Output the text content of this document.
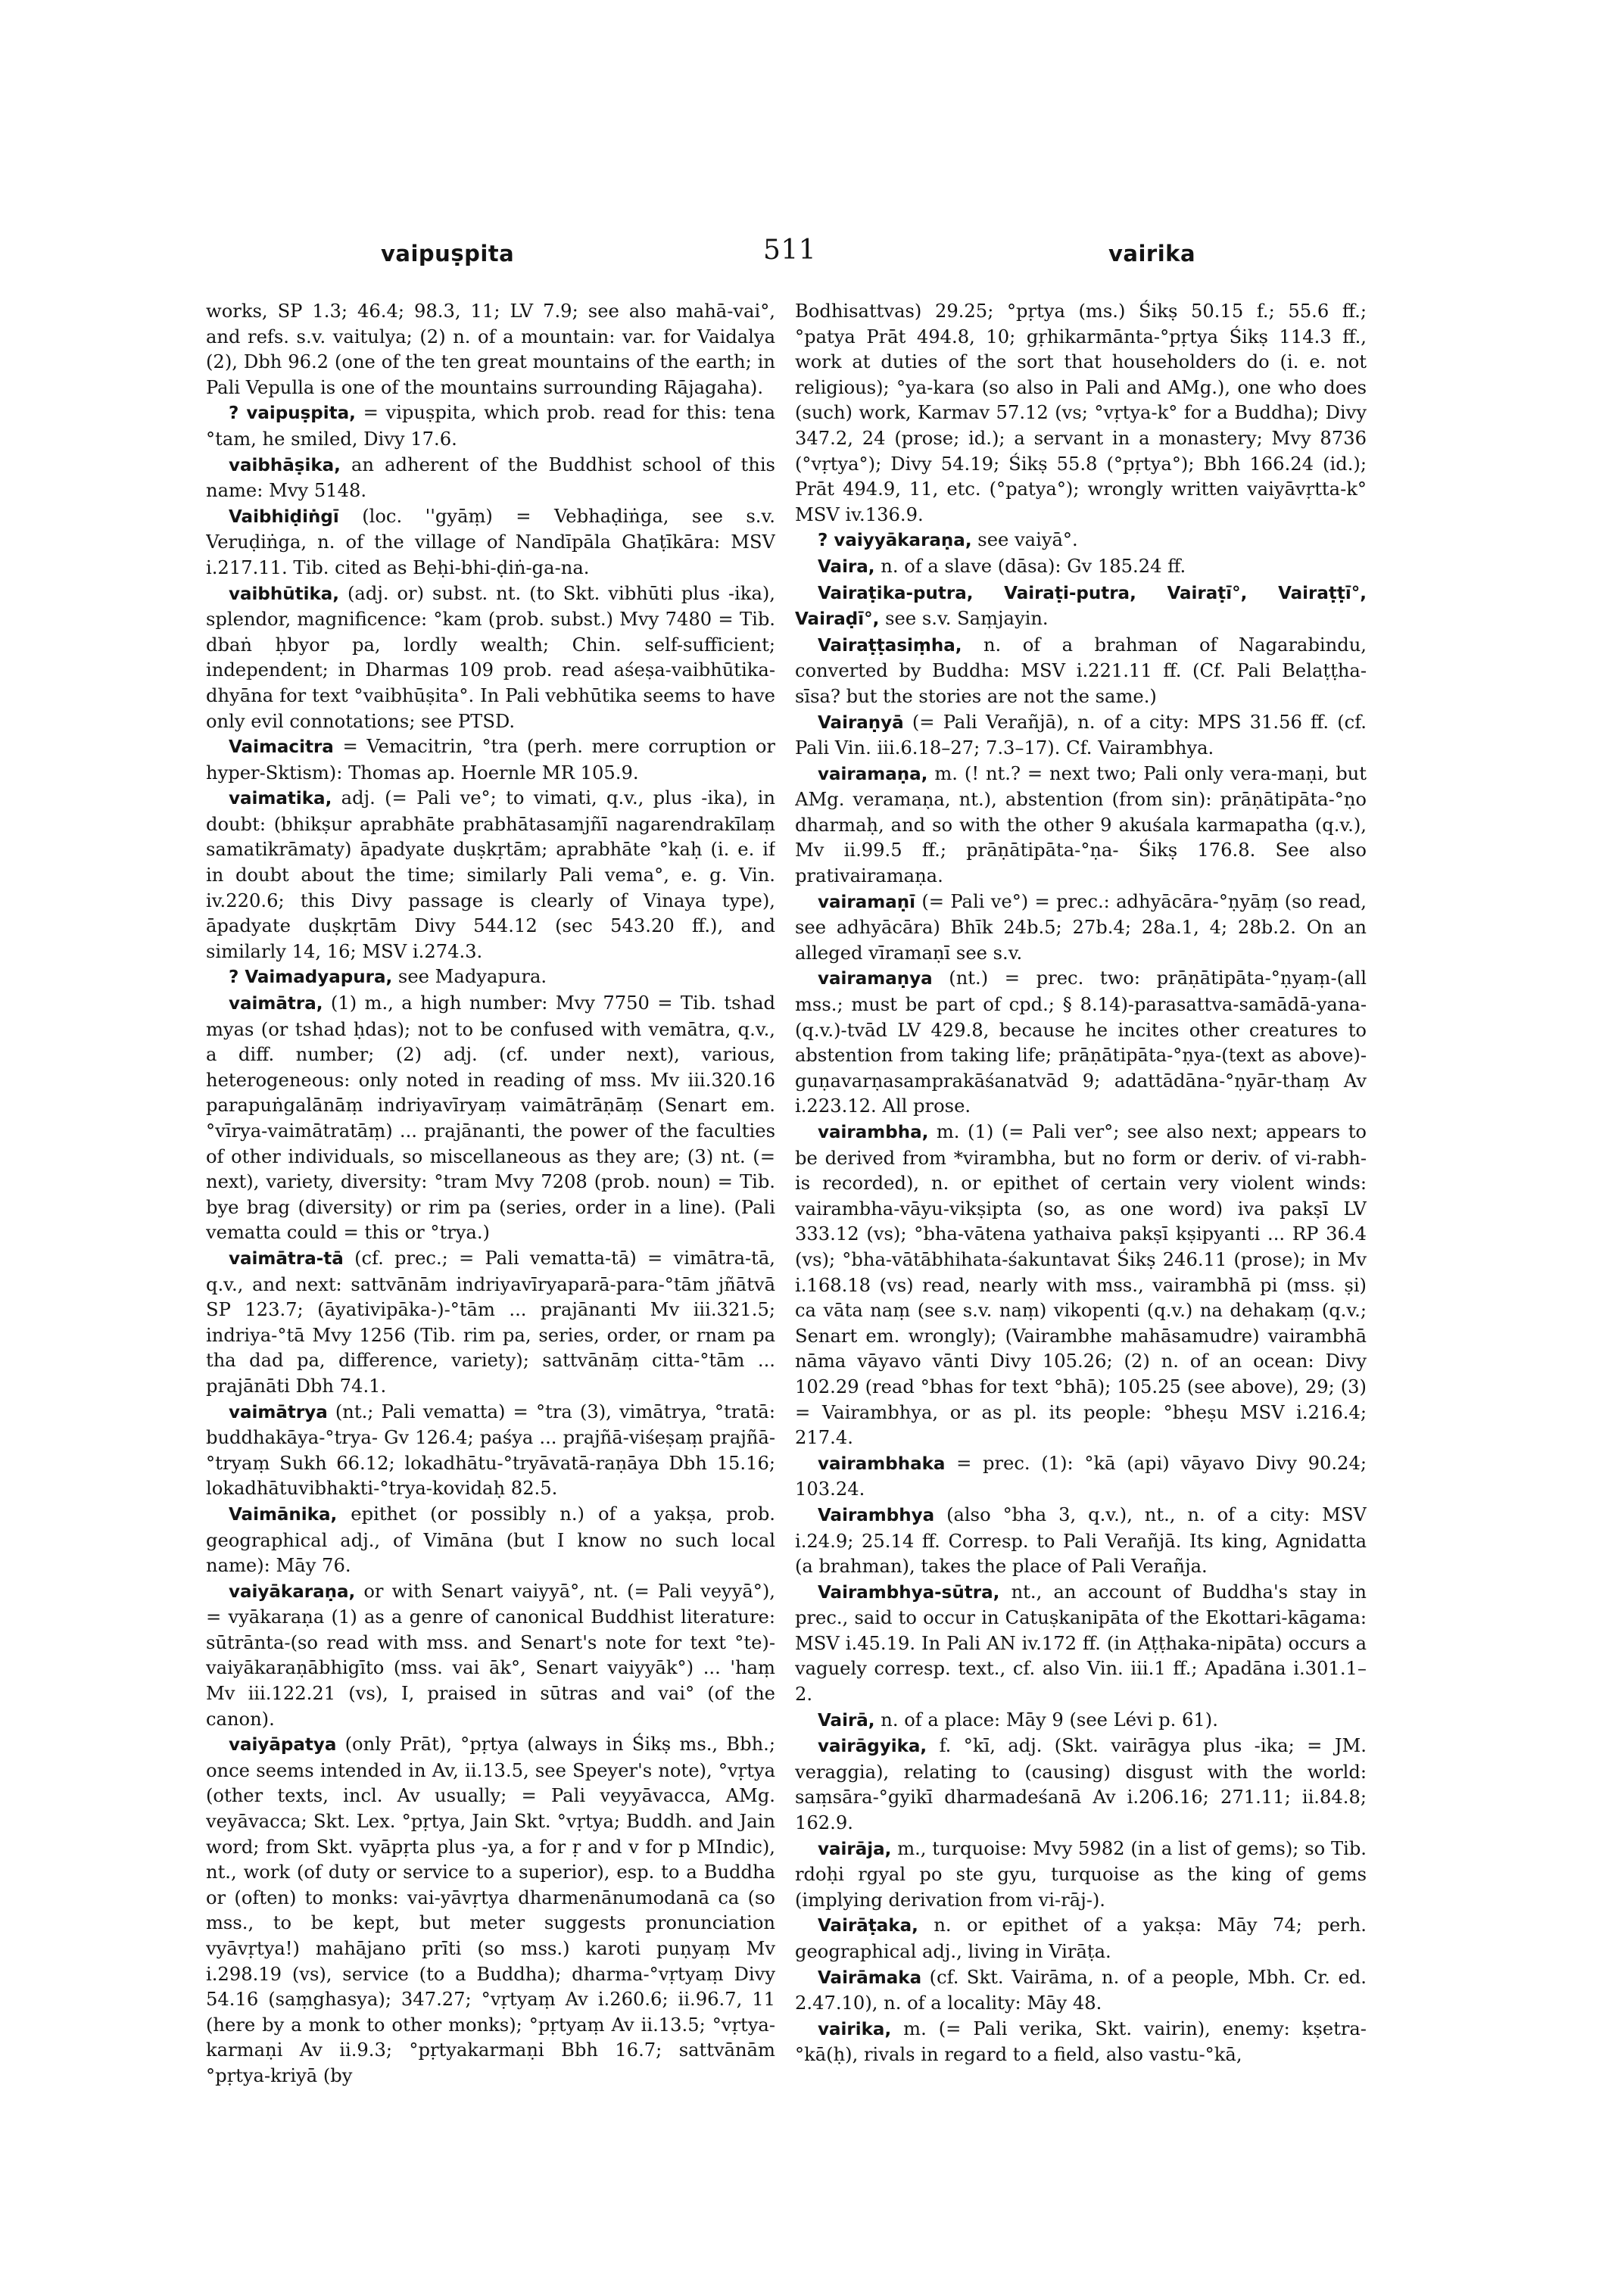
vaipuṣpita	511	vairika

works, SP 1.3; 46.4; 98.3, 11; LV 7.9; see also mahā-vai°, and refs. s.v. vaitulya; (2) n. of a mountain: var. for Vaidalya (2), Dbh 96.2 (one of the ten great mountains of the earth; in Pali Vepulla is one of the mountains surrounding Rājagaha).

? vaipuṣpita, = vipuṣpita, which prob. read for this: tena °tam, he smiled, Divy 17.6.

vaibhāṣika, an adherent of the Buddhist school of this name: Mvy 5148.

Vaibhiḍiṅgī (loc. ''gyāṃ) = Vebhaḍiṅga, see s.v. Veruḍiṅga, n. of the village of Nandīpāla Ghaṭīkāra: MSV i.217.11. Tib. cited as Beḥi-bhi-ḍiṅ-ga-na.

vaibhūtika, (adj. or) subst. nt. (to Skt. vibhūti plus -ika), splendor, magnificence: °kam (prob. subst.) Mvy 7480 = Tib. dbaṅ ḥbyor pa, lordly wealth; Chin. self-sufficient; independent; in Dharmas 109 prob. read aśeṣa-vaibhūtika-dhyāna for text °vaibhūṣita°. In Pali vebhūtika seems to have only evil connotations; see PTSD.

Vaimacitra = Vemacitrin, °tra (perh. mere corruption or hyper-Sktism): Thomas ap. Hoernle MR 105.9.

vaimatika, adj. (= Pali ve°; to vimati, q.v., plus -ika), in doubt: (bhikṣur aprabhāte prabhātasamjñī nagarendrakīlaṃ samatikrāmaty) āpadyate duṣkṛtām; aprabhāte °kaḥ (i. e. if in doubt about the time; similarly Pali vema°, e. g. Vin. iv.220.6; this Divy passage is clearly of Vinaya type), āpadyate duṣkṛtām Divy 544.12 (sec 543.20 ff.), and similarly 14, 16; MSV i.274.3.

? Vaimadyapura, see Madyapura.

vaimātra, (1) m., a high number: Mvy 7750 = Tib. tshad myas (or tshad ḥdas); not to be confused with vemātra, q.v., a diff. number; (2) adj. (cf. under next), various, heterogeneous: only noted in reading of mss. Mv iii.320.16 parapuṅgalānāṃ indriyavīryaṃ vaimātrāṇāṃ (Senart em. °vīrya-vaimātratāṃ) ... prajānanti, the power of the faculties of other individuals, so miscellaneous as they are; (3) nt. (= next), variety, diversity: °tram Mvy 7208 (prob. noun) = Tib. bye brag (diversity) or rim pa (series, order in a line). (Pali vematta could = this or °trya.)

vaimātra-tā (cf. prec.; = Pali vematta-tā) = vimātra-tā, q.v., and next: sattvānām indriyavīryaparā-para-°tām jñātvā SP 123.7; (āyativipāka-)-°tām ... prajānanti Mv iii.321.5; indriya-°tā Mvy 1256 (Tib. rim pa, series, order, or rnam pa tha dad pa, difference, variety); sattvānāṃ citta-°tām ... prajānāti Dbh 74.1.

vaimātrya (nt.; Pali vematta) = °tra (3), vimātrya, °tratā: buddhakāya-°trya- Gv 126.4; paśya ... prajñā-viśeṣaṃ prajñā-°tryaṃ Sukh 66.12; lokadhātu-°tryāvatā-raṇāya Dbh 15.16; lokadhātuvibhakti-°trya-kovidaḥ 82.5.

Vaimānika, epithet (or possibly n.) of a yakṣa, prob. geographical adj., of Vimāna (but I know no such local name): Māy 76.

vaiyākaraṇa, or with Senart vaiyyā°, nt. (= Pali veyyā°), = vyākaraṇa (1) as a genre of canonical Buddhist literature: sūtrānta-(so read with mss. and Senart's note for text °te)-vaiyākaraṇābhigīto (mss. vai āk°, Senart vaiyyāk°) ... 'haṃ Mv iii.122.21 (vs), I, praised in sūtras and vai° (of the canon).

vaiyāpatya (only Prāt), °pṛtya (always in Śikṣ ms., Bbh.; once seems intended in Av, ii.13.5, see Speyer's note), °vṛtya (other texts, incl. Av usually; = Pali veyyāvacca, AMg. veyāvacca; Skt. Lex. °pṛtya, Jain Skt. °vṛtya; Buddh. and Jain word; from Skt. vyāpṛta plus -ya, a for ṛ and v for p MIndic), nt., work (of duty or service to a superior), esp. to a Buddha or (often) to monks: vai-yāvṛtya dharmenānumodanā ca (so mss., to be kept, but meter suggests pronunciation vyāvṛtya!) mahājano prīti (so mss.) karoti puṇyaṃ Mv i.298.19 (vs), service (to a Buddha); dharma-°vṛtyaṃ Divy 54.16 (saṃghasya); 347.27; °vṛtyaṃ Av i.260.6; ii.96.7, 11 (here by a monk to other monks); °pṛtyaṃ Av ii.13.5; °vṛtya-karmaṇi Av ii.9.3; °pṛtyakarmaṇi Bbh 16.7; sattvānām °pṛtya-kriyā (by

Bodhisattvas) 29.25; °pṛtya (ms.) Śikṣ 50.15 f.; 55.6 ff.; °patya Prāt 494.8, 10; gṛhikarmānta-°pṛtya Śikṣ 114.3 ff., work at duties of the sort that householders do (i. e. not religious); °ya-kara (so also in Pali and AMg.), one who does (such) work, Karmav 57.12 (vs; °vṛtya-k° for a Buddha); Divy 347.2, 24 (prose; id.); a servant in a monastery; Mvy 8736 (°vṛtya°); Divy 54.19; Śikṣ 55.8 (°pṛtya°); Bbh 166.24 (id.); Prāt 494.9, 11, etc. (°patya°); wrongly written vaiyāvṛtta-k° MSV iv.136.9.

? vaiyyākaraṇa, see vaiyā°.

Vaira, n. of a slave (dāsa): Gv 185.24 ff.

Vairaṭika-putra, Vairaṭi-putra, Vairaṭī°, Vairaṭṭī°, Vairaḍī°, see s.v. Saṃjayin.

Vairaṭṭasiṃha, n. of a brahman of Nagarabindu, converted by Buddha: MSV i.221.11 ff. (Cf. Pali Belaṭṭha-sīsa? but the stories are not the same.)

Vairaṇyā (= Pali Verañjā), n. of a city: MPS 31.56 ff. (cf. Pali Vin. iii.6.18–27; 7.3–17). Cf. Vairambhya.

vairamaṇa, m. (! nt.? = next two; Pali only vera-maṇi, but AMg. veramaṇa, nt.), abstention (from sin): prāṇātipāta-°ṇo dharmaḥ, and so with the other 9 akuśala karmapatha (q.v.), Mv ii.99.5 ff.; prāṇātipāta-°ṇa- Śikṣ 176.8. See also prativairamaṇa.

vairamaṇī (= Pali ve°) = prec.: adhyācāra-°ṇyāṃ (so read, see adhyācāra) Bhīk 24b.5; 27b.4; 28a.1, 4; 28b.2. On an alleged vīramaṇī see s.v.

vairamaṇya (nt.) = prec. two: prāṇātipāta-°ṇyaṃ-(all mss.; must be part of cpd.; § 8.14)-parasattva-samādā-yana-(q.v.)-tvād LV 429.8, because he incites other creatures to abstention from taking life; prāṇātipāta-°ṇya-(text as above)-guṇavarṇasamprakāśanatvād 9; adattādāna-°ṇyār-thaṃ Av i.223.12. All prose.

vairambha, m. (1) (= Pali ver°; see also next; appears to be derived from *virambha, but no form or deriv. of vi-rabh- is recorded), n. or epithet of certain very violent winds: vairambha-vāyu-vikṣipta (so, as one word) iva pakṣī LV 333.12 (vs); °bha-vātena yathaiva pakṣī kṣipyanti ... RP 36.4 (vs); °bha-vātābhihata-śakuntavat Śikṣ 246.11 (prose); in Mv i.168.18 (vs) read, nearly with mss., vairambhā pi (mss. ṣi) ca vāta naṃ (see s.v. naṃ) vikopenti (q.v.) na dehakaṃ (q.v.; Senart em. wrongly); (Vairambhe mahāsamudre) vairambhā nāma vāyavo vānti Divy 105.26; (2) n. of an ocean: Divy 102.29 (read °bhas for text °bhā); 105.25 (see above), 29; (3) = Vairambhya, or as pl. its people: °bheṣu MSV i.216.4; 217.4.

vairambhaka = prec. (1): °kā (api) vāyavo Divy 90.24; 103.24.

Vairambhya (also °bha 3, q.v.), nt., n. of a city: MSV i.24.9; 25.14 ff. Corresp. to Pali Verañjā. Its king, Agnidatta (a brahman), takes the place of Pali Verañja.

Vairambhya-sūtra, nt., an account of Buddha's stay in prec., said to occur in Catuṣkanipāta of the Ekottari-kāgama: MSV i.45.19. In Pali AN iv.172 ff. (in Aṭṭhaka-nipāta) occurs a vaguely corresp. text., cf. also Vin. iii.1 ff.; Apadāna i.301.1–2.

Vairā, n. of a place: Māy 9 (see Lévi p. 61).

vairāgyika, f. °kī, adj. (Skt. vairāgya plus -ika; = JM. veraggia), relating to (causing) disgust with the world: saṃsāra-°gyikī dharmadeśanā Av i.206.16; 271.11; ii.84.8; 162.9.

vairāja, m., turquoise: Mvy 5982 (in a list of gems); so Tib. rdoḥi rgyal po ste gyu, turquoise as the king of gems (implying derivation from vi-rāj-).

Vairāṭaka, n. or epithet of a yakṣa: Māy 74; perh. geographical adj., living in Virāṭa.

Vairāmaka (cf. Skt. Vairāma, n. of a people, Mbh. Cr. ed. 2.47.10), n. of a locality: Māy 48.

vairika, m. (= Pali verika, Skt. vairin), enemy: kṣetra-°kā(ḥ), rivals in regard to a field, also vastu-°kā,
